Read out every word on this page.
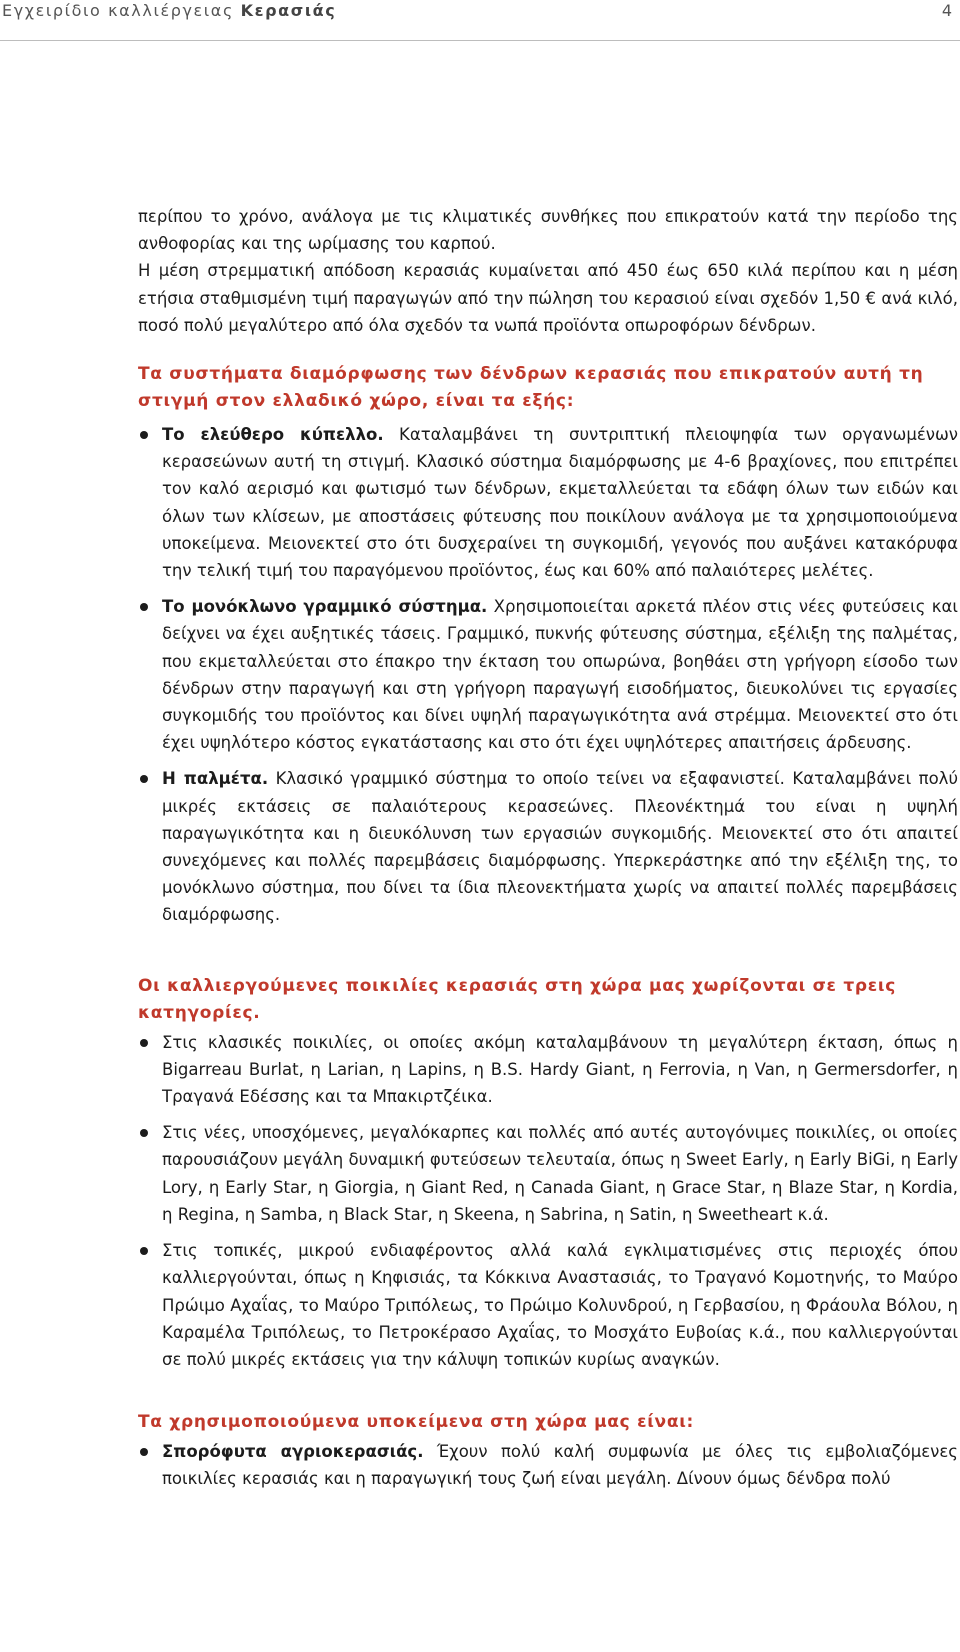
Εγχειρίδιο καλλιέργειας Κερασιάς	4

περίπου το χρόνο, ανάλογα με τις κλιματικές συνθήκες που επικρατούν κατά την περίοδο της ανθοφορίας και της ωρίμασης του καρπού.

Η μέση στρεμματική απόδοση κερασιάς κυμαίνεται από 450 έως 650 κιλά περίπου και η μέση ετήσια σταθμισμένη τιμή παραγωγών από την πώληση του κερασιού είναι σχεδόν 1,50 € ανά κιλό, ποσό πολύ μεγαλύτερο από όλα σχεδόν τα νωπά προϊόντα οπωροφόρων δένδρων.

Τα συστήματα διαμόρφωσης των δένδρων κερασιάς που επικρατούν αυτή τη στιγμή στον ελλαδικό χώρο, είναι τα εξής:
Το ελεύθερο κύπελλο. Καταλαμβάνει τη συντριπτική πλειοψηφία των οργανωμένων κερασεώνων αυτή τη στιγμή. Κλασικό σύστημα διαμόρφωσης με 4-6 βραχίονες, που επιτρέπει τον καλό αερισμό και φωτισμό των δένδρων, εκμεταλλεύεται τα εδάφη όλων των ειδών και όλων των κλίσεων, με αποστάσεις φύτευσης που ποικίλουν ανάλογα με τα χρησιμοποιούμενα υποκείμενα. Μειονεκτεί στο ότι δυσχεραίνει τη συγκομιδή, γεγονός που αυξάνει κατακόρυφα την τελική τιμή του παραγόμενου προϊόντος, έως και 60% από παλαιότερες μελέτες.
Το μονόκλωνο γραμμικό σύστημα. Χρησιμοποιείται αρκετά πλέον στις νέες φυτεύσεις και δείχνει να έχει αυξητικές τάσεις. Γραμμικό, πυκνής φύτευσης σύστημα, εξέλιξη της παλμέτας, που εκμεταλλεύεται στο έπακρο την έκταση του οπωρώνα, βοηθάει στη γρήγορη είσοδο των δένδρων στην παραγωγή και στη γρήγορη παραγωγή εισοδήματος, διευκολύνει τις εργασίες συγκομιδής του προϊόντος και δίνει υψηλή παραγωγικότητα ανά στρέμμα. Μειονεκτεί στο ότι έχει υψηλότερο κόστος εγκατάστασης και στο ότι έχει υψηλότερες απαιτήσεις άρδευσης.
Η παλμέτα. Κλασικό γραμμικό σύστημα το οποίο τείνει να εξαφανιστεί. Καταλαμβάνει πολύ μικρές εκτάσεις σε παλαιότερους κερασεώνες. Πλεονέκτημά του είναι η υψηλή παραγωγικότητα και η διευκόλυνση των εργασιών συγκομιδής. Μειονεκτεί στο ότι απαιτεί συνεχόμενες και πολλές παρεμβάσεις διαμόρφωσης. Υπερκεράστηκε από την εξέλιξη της, το μονόκλωνο σύστημα, που δίνει τα ίδια πλεονεκτήματα χωρίς να απαιτεί πολλές παρεμβάσεις διαμόρφωσης.
Οι καλλιεργούμενες ποικιλίες κερασιάς στη χώρα μας χωρίζονται σε τρεις κατηγορίες.
Στις κλασικές ποικιλίες, οι οποίες ακόμη καταλαμβάνουν τη μεγαλύτερη έκταση, όπως η Bigarreau Burlat, η Larian, η Lapins, η B.S. Hardy Giant, η Ferrovia, η Van, η Germersdorfer, η Τραγανά Εδέσσης και τα Μπακιρτζέικα.
Στις νέες, υποσχόμενες, μεγαλόκαρπες και πολλές από αυτές αυτογόνιμες ποικιλίες, οι οποίες παρουσιάζουν μεγάλη δυναμική φυτεύσεων τελευταία, όπως η Sweet Early, η Early BiGi, η Early Lory, η Early Star, η Giorgia, η Giant Red, η Canada Giant, η Grace Star, η Blaze Star, η Kordia, η Regina, η Samba, η Black Star, η Skeena, η Sabrina, η Satin, η Sweetheart κ.ά.
Στις τοπικές, μικρού ενδιαφέροντος αλλά καλά εγκλιματισμένες στις περιοχές όπου καλλιεργούνται, όπως η Κηφισιάς, τα Κόκκινα Αναστασιάς, το Τραγανό Κομοτηνής, το Μαύρο Πρώιμο Αχαΐας, το Μαύρο Τριπόλεως, το Πρώιμο Κολυνδρού, η Γερβασίου, η Φράουλα Βόλου, η Καραμέλα Τριπόλεως, το Πετροκέρασο Αχαΐας, το Μοσχάτο Ευβοίας κ.ά., που καλλιεργούνται σε πολύ μικρές εκτάσεις για την κάλυψη τοπικών κυρίως αναγκών.
Τα χρησιμοποιούμενα υποκείμενα στη χώρα μας είναι:
Σπορόφυτα αγριοκερασιάς. Έχουν πολύ καλή συμφωνία με όλες τις εμβολιαζόμενες ποικιλίες κερασιάς και η παραγωγική τους ζωή είναι μεγάλη. Δίνουν όμως δένδρα πολύ
